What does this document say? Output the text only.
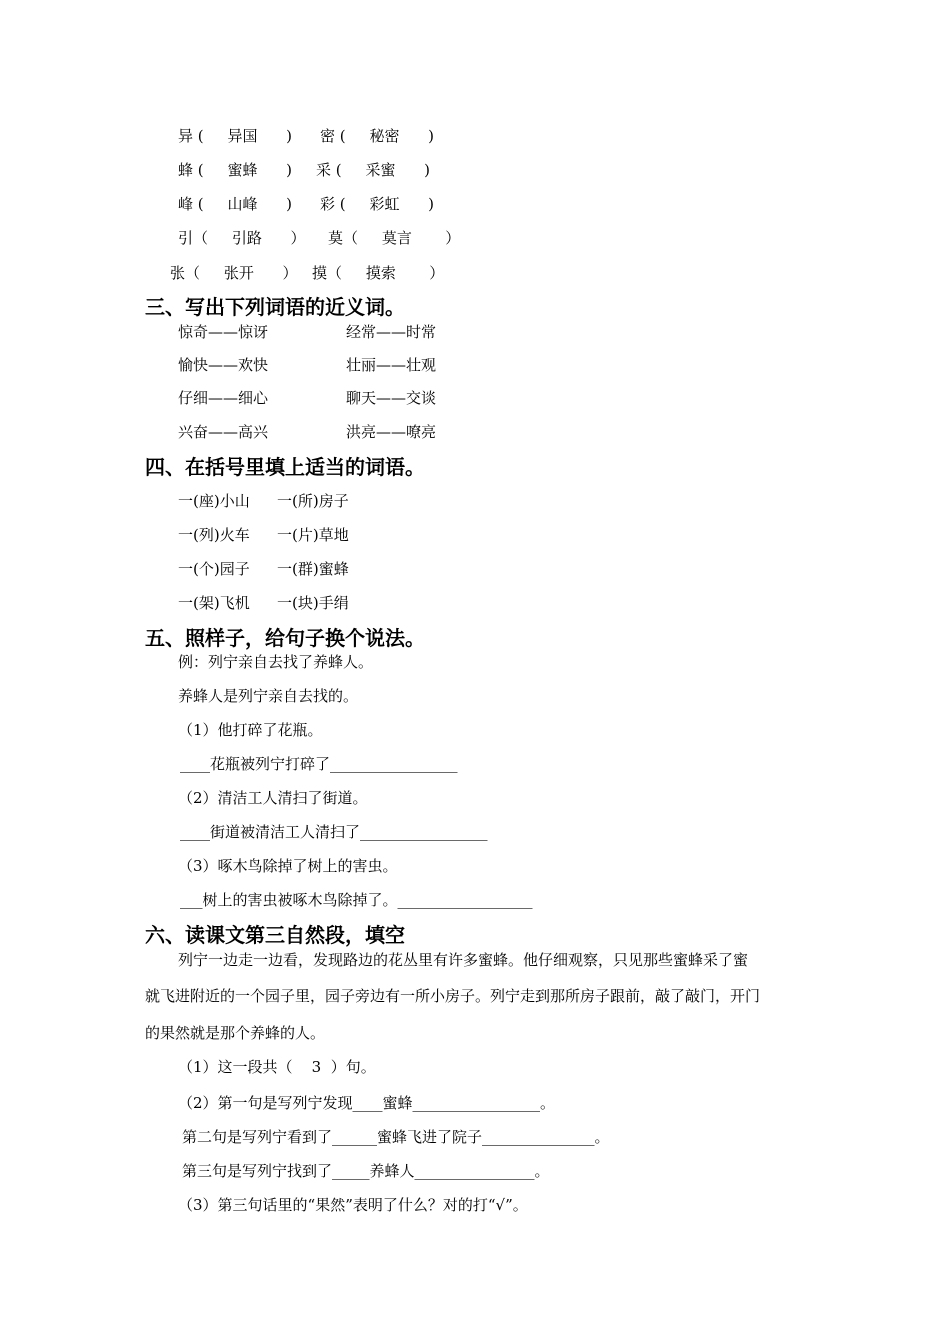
异 (     异国      ) 密 (     秘密      )
蜂 (     蜜蜂      ) 采 (     采蜜      )
峰 (     山峰      ) 彩 (     彩虹      )
引（     引路      ） 莫（     莫言       ）
张（     张开      ） 摸（     摸索       ）
三、写出下列词语的近义词。
惊奇——惊讶	经常——时常
愉快——欢快	壮丽——壮观
仔细——细心	聊天——交谈
兴奋——高兴	洪亮——嘹亮
四、在括号里填上适当的词语。
一(座)小山 一(所)房子
一(列)火车 一(片)草地
一(个)园子 一(群)蜜蜂
一(架)飞机 一(块)手绢
五、照样子，给句子换个说法。
例：列宁亲自去找了养蜂人。
养蜂人是列宁亲自去找的。
（1）他打碎了花瓶。
____花瓶被列宁打碎了_________________
（2）清洁工人清扫了街道。
____街道被清洁工人清扫了_________________
（3）啄木鸟除掉了树上的害虫。
___树上的害虫被啄木鸟除掉了。__________________
六、读课文第三自然段，填空
列宁一边走一边看，发现路边的花丛里有许多蜜蜂。他仔细观察，只见那些蜜蜂采了蜜
就飞进附近的一个园子里，园子旁边有一所小房子。列宁走到那所房子跟前，敲了敲门，开门
的果然就是那个养蜂的人。
（1）这一段共（    3  ）句。
（2）第一句是写列宁发现____蜜蜂_________________。
第二句是写列宁看到了______蜜蜂飞进了院子_______________。
第三句是写列宁找到了_____养蜂人________________。
（3）第三句话里的“果然”表明了什么？对的打“√”。
